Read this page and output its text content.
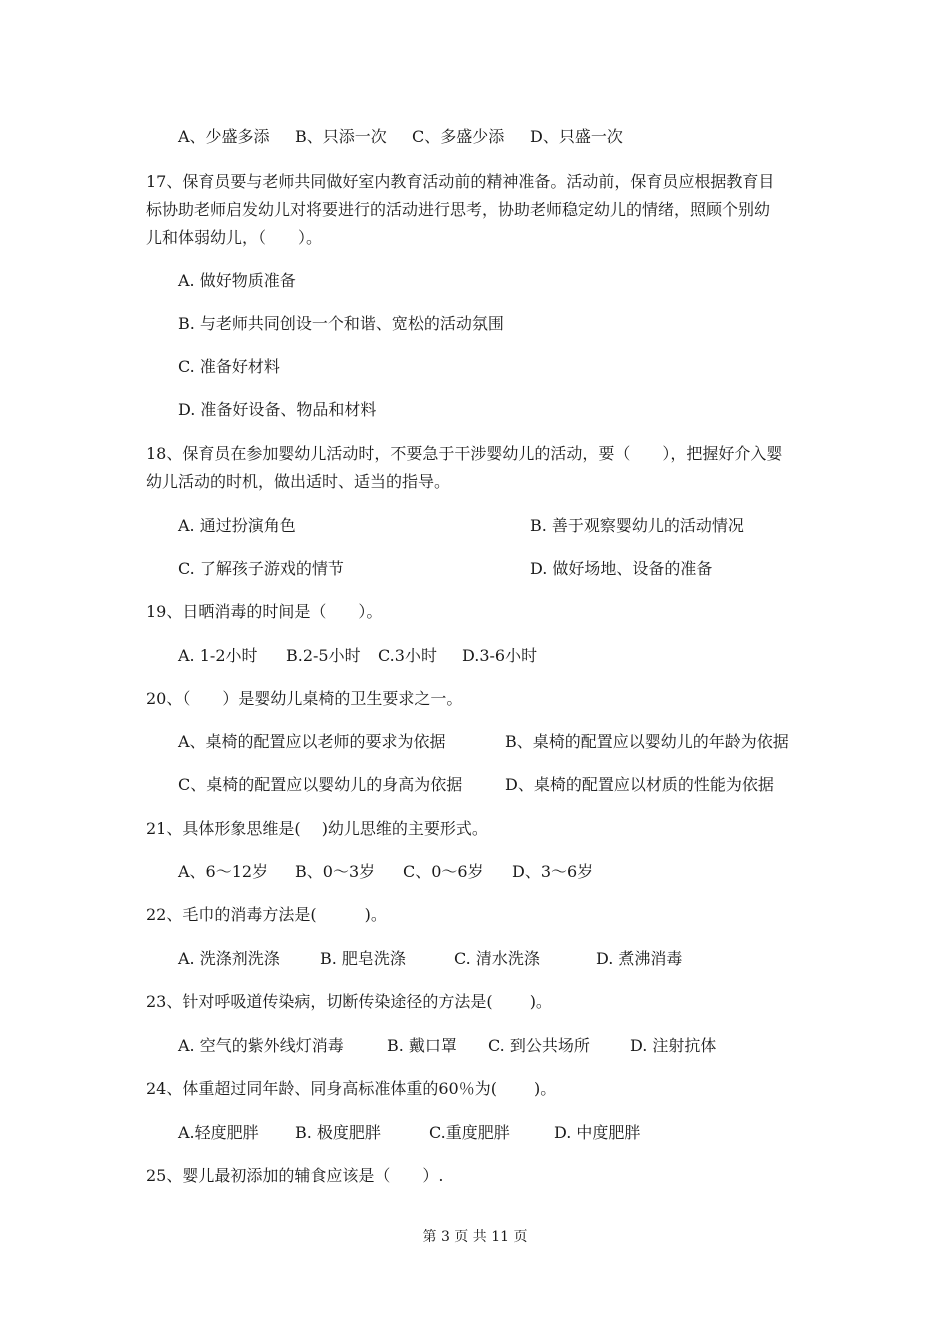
A、少盛多添 B、只添一次 C、多盛少添 D、只盛一次
17、保育员要与老师共同做好室内教育活动前的精神准备。活动前，保育员应根据教育目
标协助老师启发幼儿对将要进行的活动进行思考，协助老师稳定幼儿的情绪，照顾个别幼
儿和体弱幼儿，（　　）。
A. 做好物质准备
B. 与老师共同创设一个和谐、宽松的活动氛围
C. 准备好材料
D. 准备好设备、物品和材料
18、保育员在参加婴幼儿活动时，不要急于干涉婴幼儿的活动，要（　　），把握好介入婴
幼儿活动的时机，做出适时、适当的指导。
A. 通过扮演角色	B. 善于观察婴幼儿的活动情况
C. 了解孩子游戏的情节	D. 做好场地、设备的准备
19、日晒消毒的时间是（　　）。
A. 1-2小时 B.2-5小时 C.3小时 D.3-6小时
20、（　　）是婴幼儿桌椅的卫生要求之一。
A、桌椅的配置应以老师的要求为依据	B、桌椅的配置应以婴幼儿的年龄为依据
C、桌椅的配置应以婴幼儿的身高为依据	D、桌椅的配置应以材质的性能为依据
21、具体形象思维是(　 )幼儿思维的主要形式。
A、6～12岁 B、0～3岁 C、0～6岁 D、3～6岁
22、毛巾的消毒方法是(　　　)。
A. 洗涤剂洗涤	B. 肥皂洗涤	C. 清水洗涤	D. 煮沸消毒
23、针对呼吸道传染病，切断传染途径的方法是(　　 )。
A. 空气的紫外线灯消毒	B. 戴口罩 C. 到公共场所	D. 注射抗体
24、体重超过同年龄、同身高标准体重的60％为(　　 )。
A.轻度肥胖 B. 极度肥胖	C.重度肥胖	D. 中度肥胖
25、婴儿最初添加的辅食应该是（　　）.
第 3 页 共 11 页
